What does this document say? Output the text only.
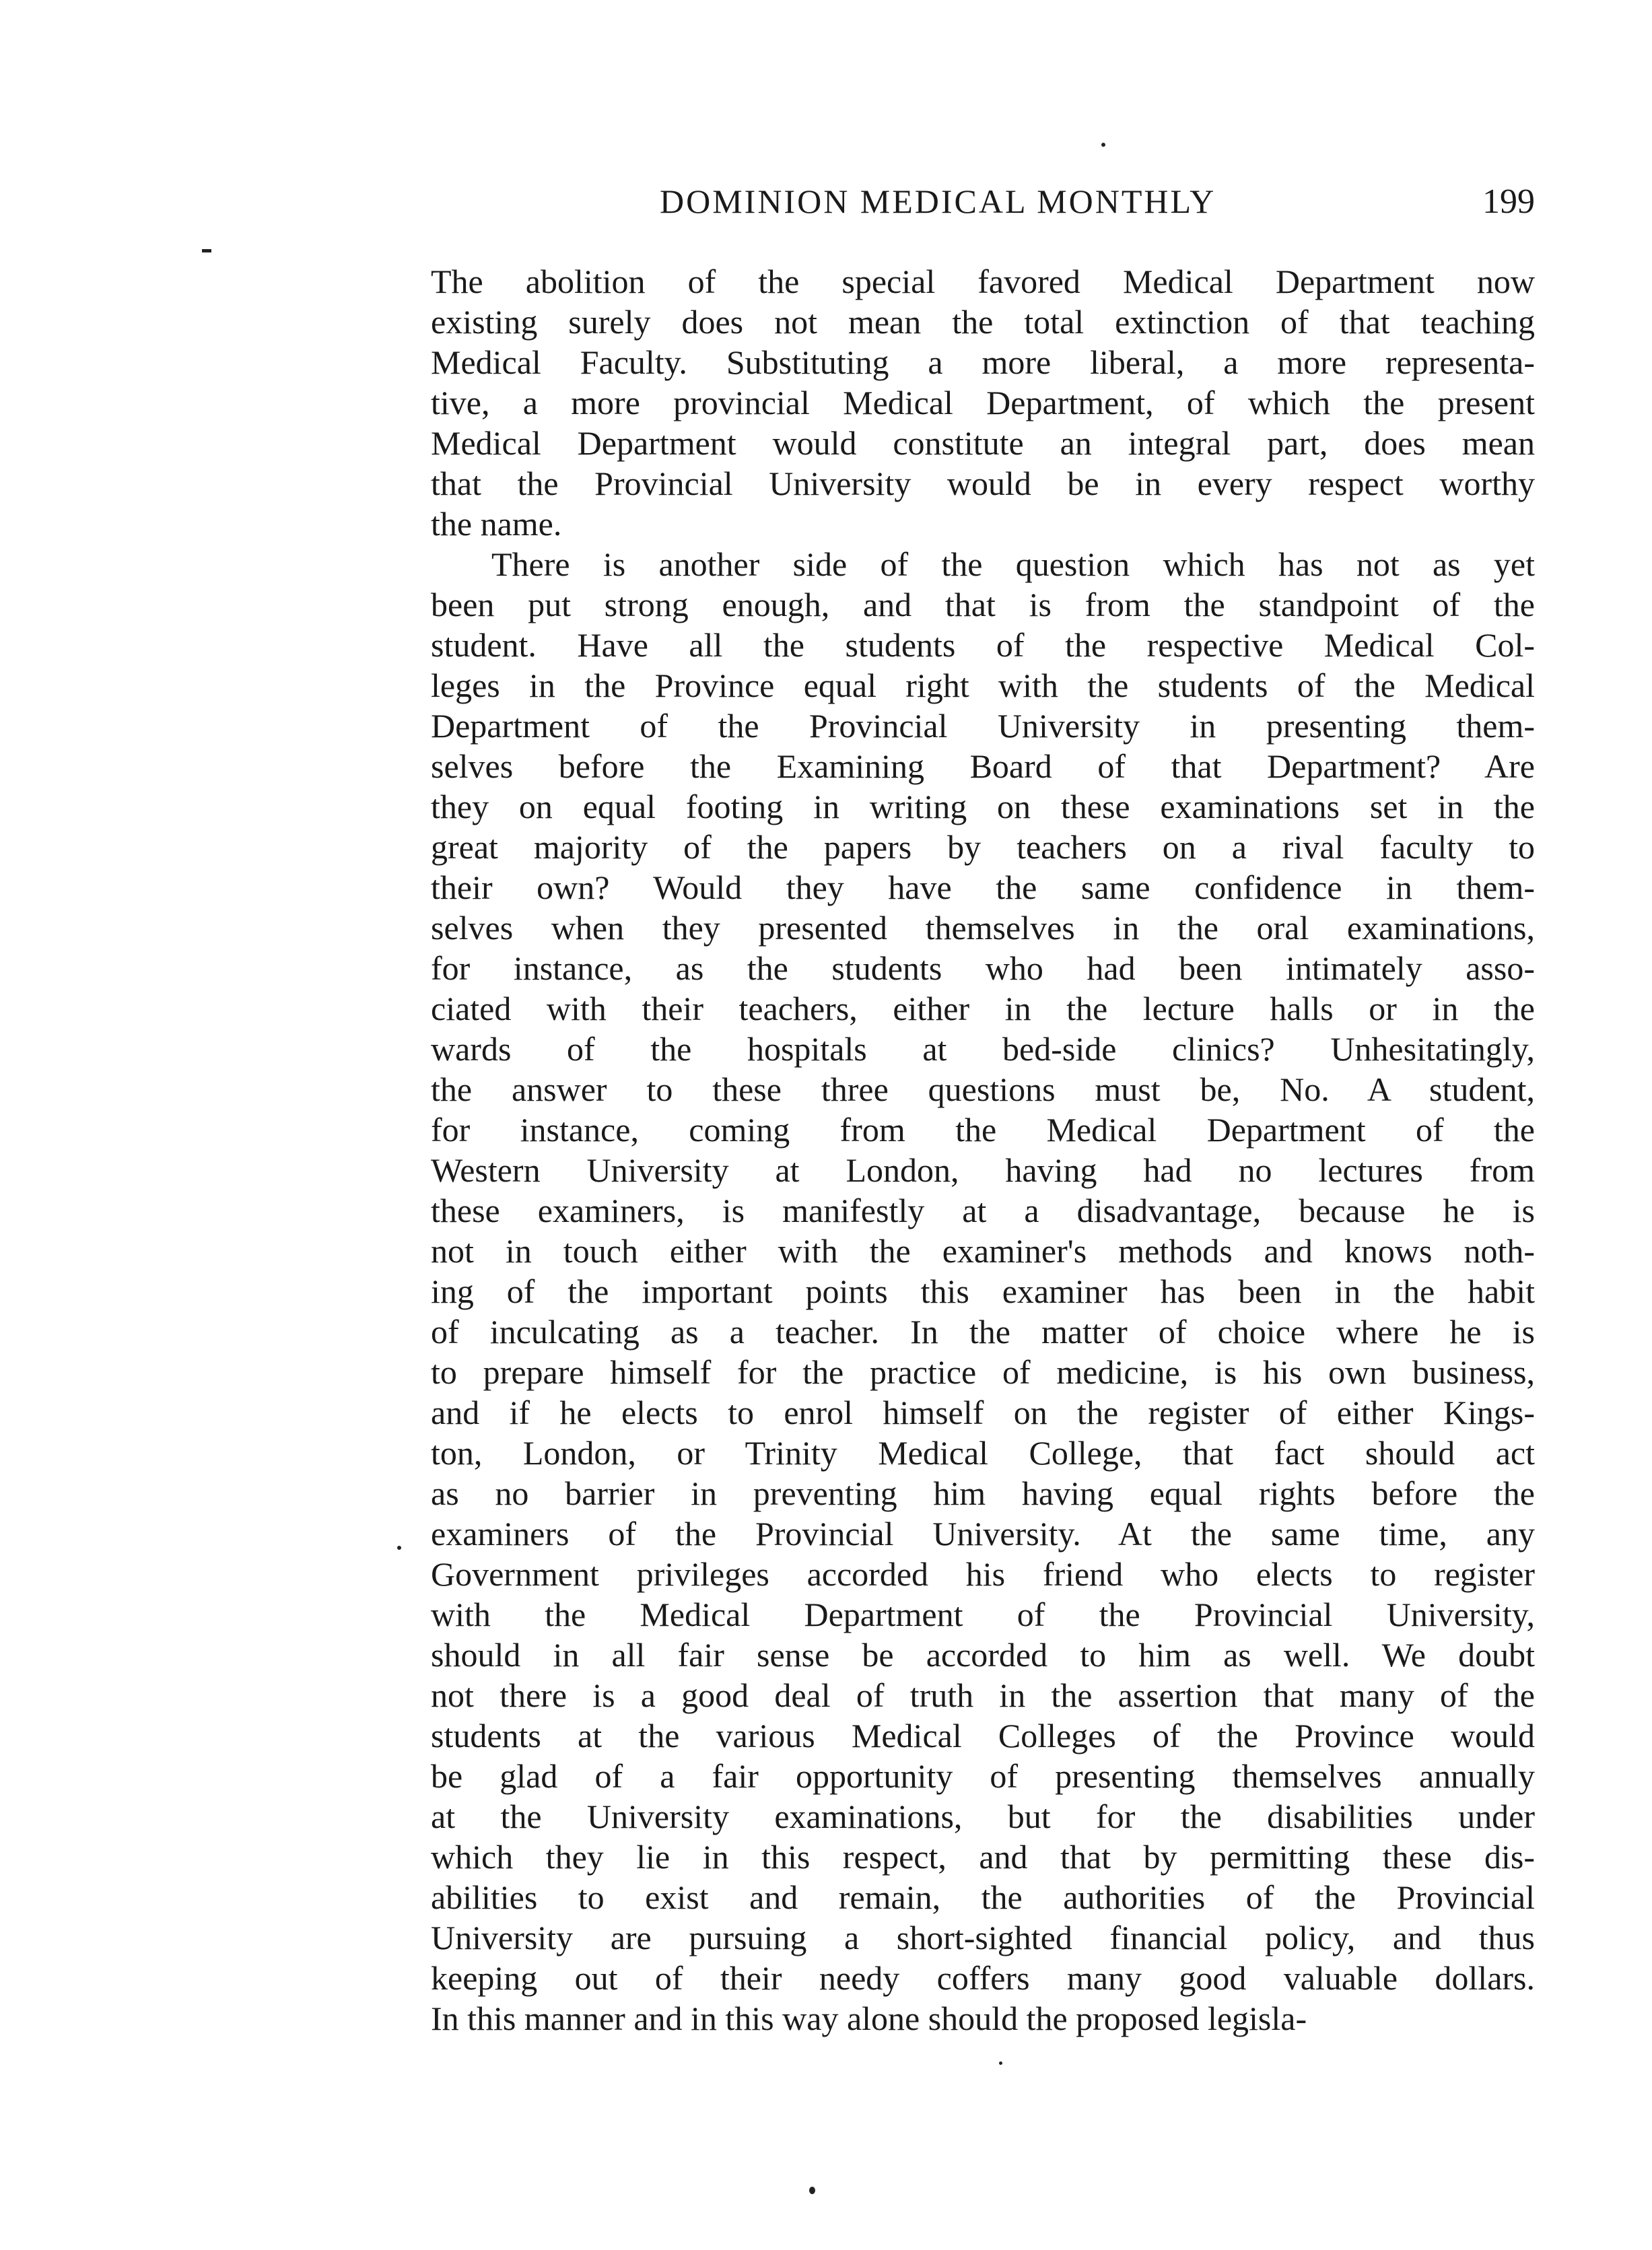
DOMINION MEDICAL MONTHLY	199
The abolition of the special favored Medical Department now
existing surely does not mean the total extinction of that teaching
Medical Faculty. Substituting a more liberal, a more representa-
tive, a more provincial Medical Department, of which the present
Medical Department would constitute an integral part, does mean
that the Provincial University would be in every respect worthy
the name.
There is another side of the question which has not as yet
been put strong enough, and that is from the standpoint of the
student. Have all the students of the respective Medical Col-
leges in the Province equal right with the students of the Medical
Department of the Provincial University in presenting them-
selves before the Examining Board of that Department? Are
they on equal footing in writing on these examinations set in the
great majority of the papers by teachers on a rival faculty to
their own? Would they have the same confidence in them-
selves when they presented themselves in the oral examinations,
for instance, as the students who had been intimately asso-
ciated with their teachers, either in the lecture halls or in the
wards of the hospitals at bed-side clinics? Unhesitatingly,
the answer to these three questions must be, No. A student,
for instance, coming from the Medical Department of the
Western University at London, having had no lectures from
these examiners, is manifestly at a disadvantage, because he is
not in touch either with the examiner's methods and knows noth-
ing of the important points this examiner has been in the habit
of inculcating as a teacher. In the matter of choice where he is
to prepare himself for the practice of medicine, is his own business,
and if he elects to enrol himself on the register of either Kings-
ton, London, or Trinity Medical College, that fact should act
as no barrier in preventing him having equal rights before the
examiners of the Provincial University. At the same time, any
Government privileges accorded his friend who elects to register
with the Medical Department of the Provincial University,
should in all fair sense be accorded to him as well. We doubt
not there is a good deal of truth in the assertion that many of the
students at the various Medical Colleges of the Province would
be glad of a fair opportunity of presenting themselves annually
at the University examinations, but for the disabilities under
which they lie in this respect, and that by permitting these dis-
abilities to exist and remain, the authorities of the Provincial
University are pursuing a short-sighted financial policy, and thus
keeping out of their needy coffers many good valuable dollars.
In this manner and in this way alone should the proposed legisla-
